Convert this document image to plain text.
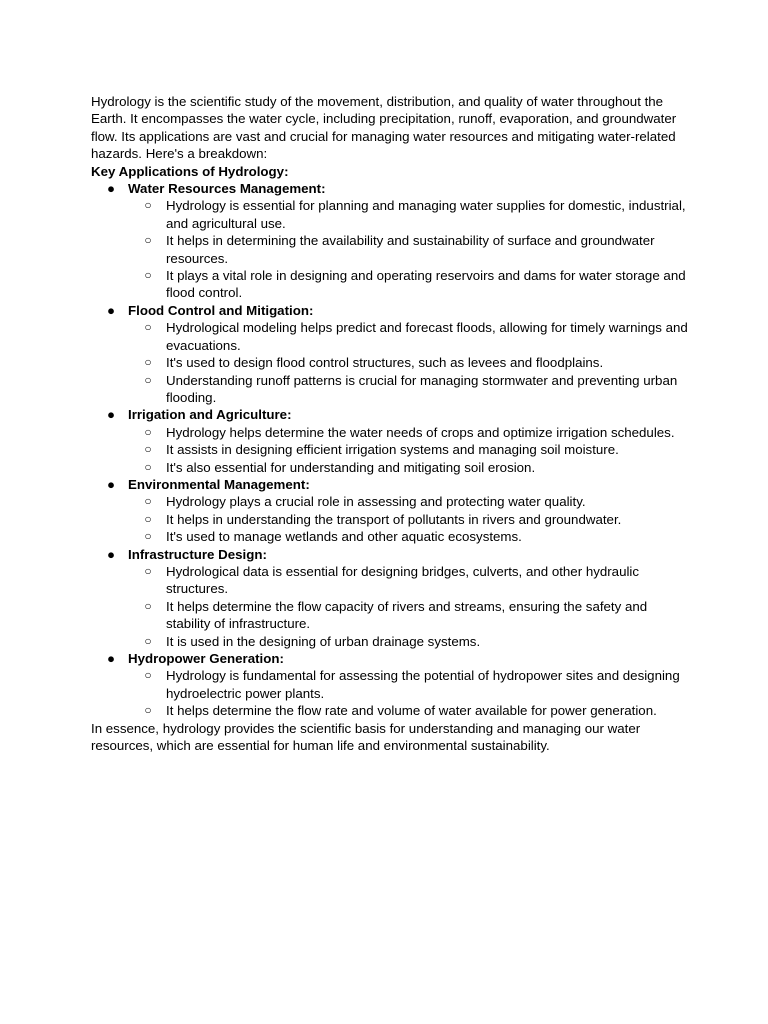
Hydrology is the scientific study of the movement, distribution, and quality of water throughout the Earth. It encompasses the water cycle, including precipitation, runoff, evaporation, and groundwater flow. Its applications are vast and crucial for managing water resources and mitigating water-related hazards. Here's a breakdown:

Key Applications of Hydrology:

● Water Resources Management:
○ Hydrology is essential for planning and managing water supplies for domestic, industrial, and agricultural use.
○ It helps in determining the availability and sustainability of surface and groundwater resources.
○ It plays a vital role in designing and operating reservoirs and dams for water storage and flood control.
● Flood Control and Mitigation:
○ Hydrological modeling helps predict and forecast floods, allowing for timely warnings and evacuations.
○ It's used to design flood control structures, such as levees and floodplains.
○ Understanding runoff patterns is crucial for managing stormwater and preventing urban flooding.
● Irrigation and Agriculture:
○ Hydrology helps determine the water needs of crops and optimize irrigation schedules.
○ It assists in designing efficient irrigation systems and managing soil moisture.
○ It's also essential for understanding and mitigating soil erosion.
● Environmental Management:
○ Hydrology plays a crucial role in assessing and protecting water quality.
○ It helps in understanding the transport of pollutants in rivers and groundwater.
○ It's used to manage wetlands and other aquatic ecosystems.
● Infrastructure Design:
○ Hydrological data is essential for designing bridges, culverts, and other hydraulic structures.
○ It helps determine the flow capacity of rivers and streams, ensuring the safety and stability of infrastructure.
○ It is used in the designing of urban drainage systems.
● Hydropower Generation:
○ Hydrology is fundamental for assessing the potential of hydropower sites and designing hydroelectric power plants.
○ It helps determine the flow rate and volume of water available for power generation.

In essence, hydrology provides the scientific basis for understanding and managing our water resources, which are essential for human life and environmental sustainability.
